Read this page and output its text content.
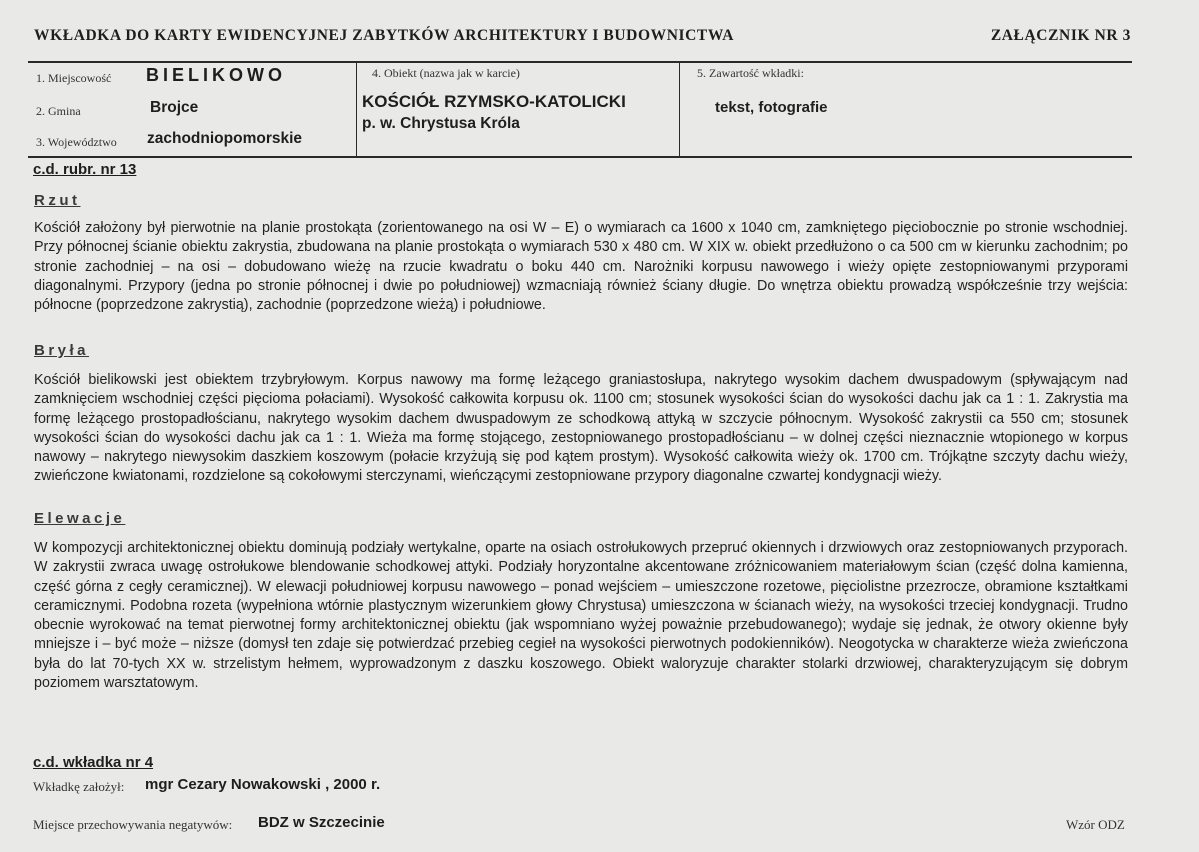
WKŁADKA DO KARTY EWIDENCYJNEJ ZABYTKÓW ARCHITEKTURY I BUDOWNICTWA	ZAŁĄCZNIK NR 3
1. Miejscowość BIELIKOWO
2. Gmina	Brojce
3. Województwo zachodniopomorskie
4. Obiekt (nazwa jak w karcie)
KOŚCIÓŁ RZYMSKO-KATOLICKI
p. w. Chrystusa Króla
5. Zawartość wkładki:
tekst, fotografie
c.d. rubr. nr 13
Rzut
Kościół założony był pierwotnie na planie prostokąta (zorientowanego na osi W – E) o wymiarach ca 1600 x 1040 cm, zamkniętego pięciobocznie po stronie wschodniej. Przy północnej ścianie obiektu zakrystia, zbudowana na planie prostokąta o wymiarach 530 x 480 cm. W XIX w. obiekt przedłużono o ca 500 cm w kierunku zachodnim; po stronie zachodniej – na osi – dobudowano wieżę na rzucie kwadratu o boku 440 cm. Narożniki korpusu nawowego i wieży opięte zestopniowanymi przyporami diagonalnymi. Przypory (jedna po stronie północnej i dwie po południowej) wzmacniają również ściany długie. Do wnętrza obiektu prowadzą współcześnie trzy wejścia: północne (poprzedzone zakrystią), zachodnie (poprzedzone wieżą) i południowe.
Bryła
Kościół bielikowski jest obiektem trzybryłowym. Korpus nawowy ma formę leżącego graniastosłupa, nakrytego wysokim dachem dwuspadowym (spływającym nad zamknięciem wschodniej części pięcioma połaciami). Wysokość całkowita korpusu ok. 1100 cm; stosunek wysokości ścian do wysokości dachu jak ca 1 : 1. Zakrystia ma formę leżącego prostopadłościanu, nakrytego wysokim dachem dwuspadowym ze schodkową attyką w szczycie północnym. Wysokość zakrystii ca 550 cm; stosunek wysokości ścian do wysokości dachu jak ca 1 : 1. Wieża ma formę stojącego, zestopniowanego prostopadłościanu – w dolnej części nieznacznie wtopionego w korpus nawowy – nakrytego niewysokim daszkiem koszowym (połacie krzyżują się pod kątem prostym). Wysokość całkowita wieży ok. 1700 cm. Trójkątne szczyty dachu wieży, zwieńczone kwiatonami, rozdzielone są cokołowymi sterczynami, wieńczącymi zestopniowane przypory diagonalne czwartej kondygnacji wieży.
Elewacje
W kompozycji architektonicznej obiektu dominują podziały wertykalne, oparte na osiach ostrołukowych przepruć okiennych i drzwiowych oraz zestopniowanych przyporach. W zakrystii zwraca uwagę ostrołukowe blendowanie schodkowej attyki. Podziały horyzontalne akcentowane zróżnicowaniem materiałowym ścian (część dolna kamienna, część górna z cegły ceramicznej). W elewacji południowej korpusu nawowego – ponad wejściem – umieszczone rozetowe, pięciolistne przezrocze, obramione kształtkami ceramicznymi. Podobna rozeta (wypełniona wtórnie plastycznym wizerunkiem głowy Chrystusa) umieszczona w ścianach wieży, na wysokości trzeciej kondygnacji. Trudno obecnie wyrokować na temat pierwotnej formy architektonicznej obiektu (jak wspomniano wyżej poważnie przebudowanego); wydaje się jednak, że otwory okienne były mniejsze i – być może – niższe (domysł ten zdaje się potwierdzać przebieg cegieł na wysokości pierwotnych podokienników). Neogotycka w charakterze wieża zwieńczona była do lat 70-tych XX w. strzelistym hełmem, wyprowadzonym z daszku koszowego. Obiekt waloryzuje charakter stolarki drzwiowej, charakteryzującym się dobrym poziomem warsztatowym.
c.d. wkładka nr 4
Wkładkę założył: mgr Cezary Nowakowski , 2000 r.
Miejsce przechowywania negatywów: BDZ w Szczecinie	Wzór ODZ
